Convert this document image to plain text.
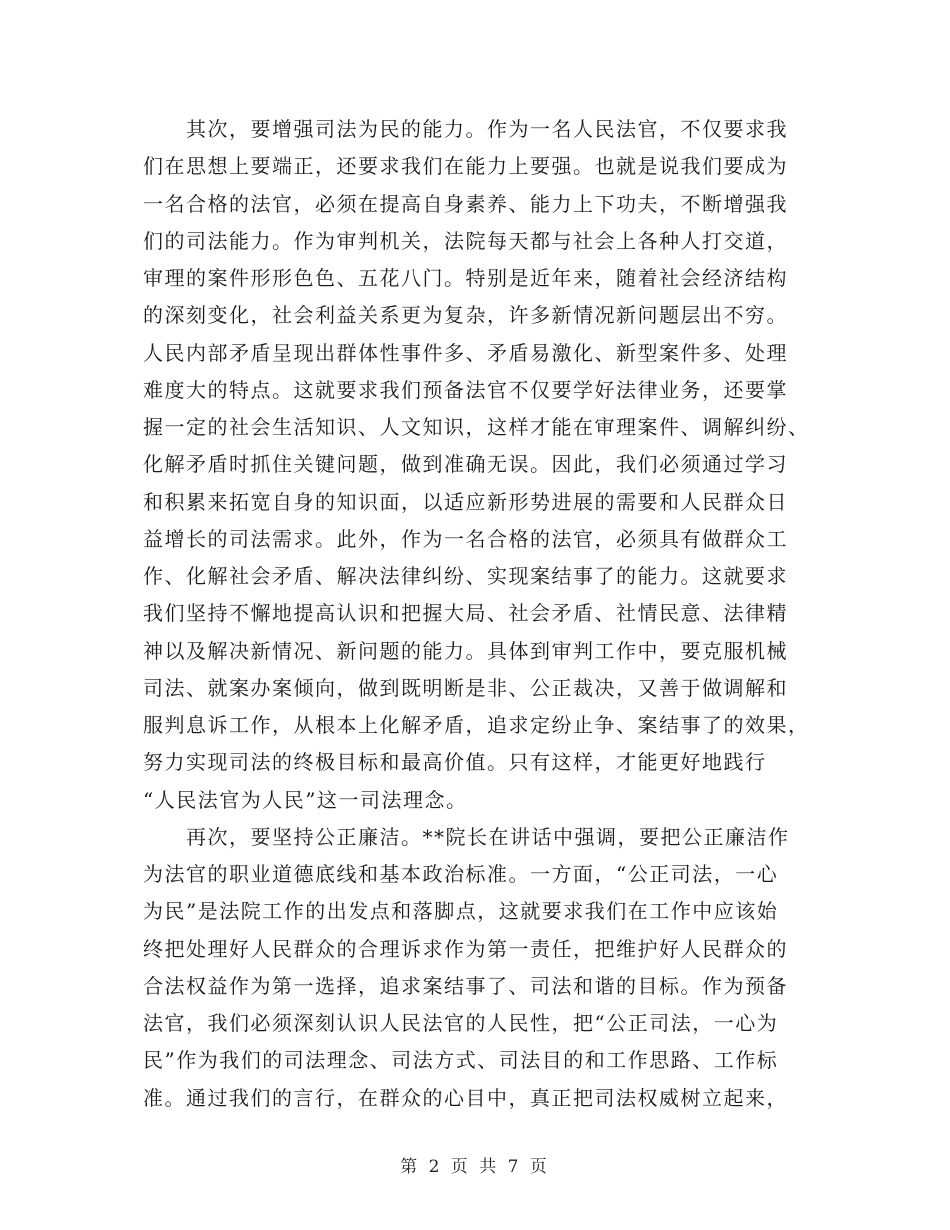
　　其次，要增强司法为民的能力。作为一名人民法官，不仅要求我
们在思想上要端正，还要求我们在能力上要强。也就是说我们要成为
一名合格的法官，必须在提高自身素养、能力上下功夫，不断增强我
们的司法能力。作为审判机关，法院每天都与社会上各种人打交道，
审理的案件形形色色、五花八门。特别是近年来，随着社会经济结构
的深刻变化，社会利益关系更为复杂，许多新情况新问题层出不穷。
人民内部矛盾呈现出群体性事件多、矛盾易激化、新型案件多、处理
难度大的特点。这就要求我们预备法官不仅要学好法律业务，还要掌
握一定的社会生活知识、人文知识，这样才能在审理案件、调解纠纷、
化解矛盾时抓住关键问题，做到准确无误。因此，我们必须通过学习
和积累来拓宽自身的知识面，以适应新形势进展的需要和人民群众日
益增长的司法需求。此外，作为一名合格的法官，必须具有做群众工
作、化解社会矛盾、解决法律纠纷、实现案结事了的能力。这就要求
我们坚持不懈地提高认识和把握大局、社会矛盾、社情民意、法律精
神以及解决新情况、新问题的能力。具体到审判工作中，要克服机械
司法、就案办案倾向，做到既明断是非、公正裁决，又善于做调解和
服判息诉工作，从根本上化解矛盾，追求定纷止争、案结事了的效果，
努力实现司法的终极目标和最高价值。只有这样，才能更好地践行
“人民法官为人民”这一司法理念。
　　再次，要坚持公正廉洁。**院长在讲话中强调，要把公正廉洁作
为法官的职业道德底线和基本政治标准。一方面，“公正司法，一心
为民”是法院工作的出发点和落脚点，这就要求我们在工作中应该始
终把处理好人民群众的合理诉求作为第一责任，把维护好人民群众的
合法权益作为第一选择，追求案结事了、司法和谐的目标。作为预备
法官，我们必须深刻认识人民法官的人民性，把“公正司法，一心为
民”作为我们的司法理念、司法方式、司法目的和工作思路、工作标
准。通过我们的言行，在群众的心目中，真正把司法权威树立起来，
第 2 页 共 7 页
